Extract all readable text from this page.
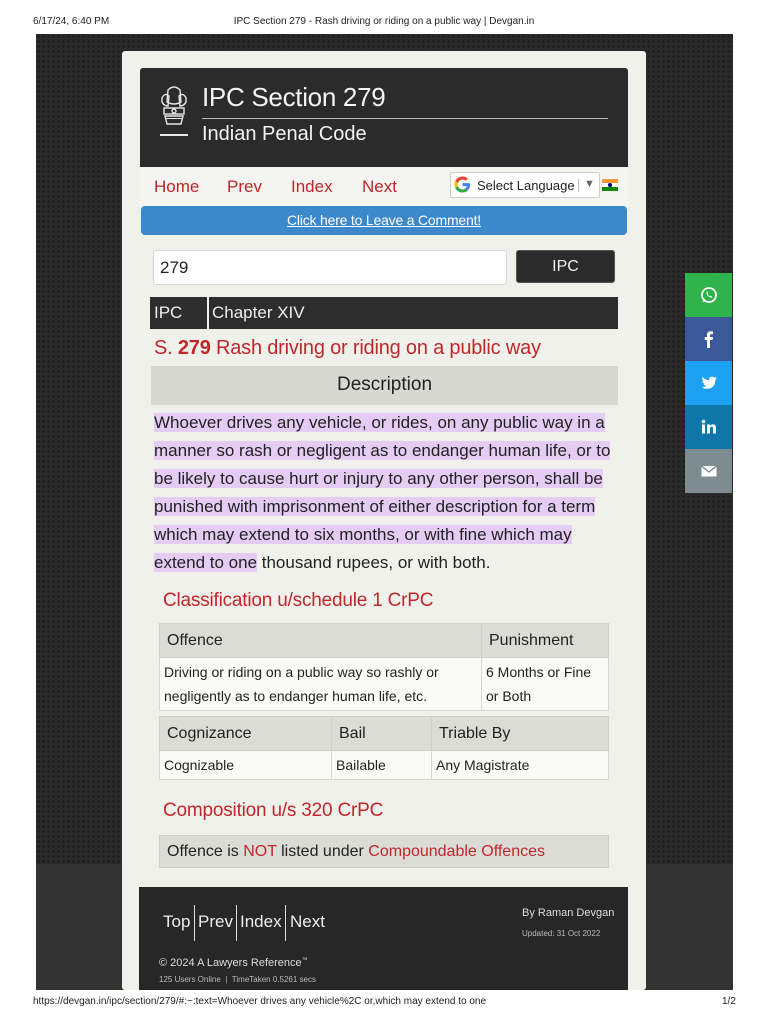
6/17/24, 6:40 PM	IPC Section 279 - Rash driving or riding on a public way | Devgan.in
IPC Section 279
Indian Penal Code
Home Prev Index Next	Select Language ▼
Click here to Leave a Comment!
279
IPC
IPC Chapter XIV
S. 279 Rash driving or riding on a public way
Description
Whoever drives any vehicle, or rides, on any public way in a manner so rash or negligent as to endanger human life, or to be likely to cause hurt or injury to any other person, shall be punished with imprisonment of either description for a term which may extend to six months, or with fine which may extend to one thousand rupees, or with both.
Classification u/schedule 1 CrPC
Offence	Punishment
Driving or riding on a public way so rashly or negligently as to endanger human life, etc.	6 Months or Fine or Both
Cognizance	Bail	Triable By
Cognizable	Bailable	Any Magistrate
Composition u/s 320 CrPC
Offence is NOT listed under Compoundable Offences
Top Prev Index Next	By Raman Devgan
Updated: 31 Oct 2022
© 2024 A Lawyers Reference™
125 Users Online | TimeTaken 0.5261 secs
https://devgan.in/ipc/section/279/#:~:text=Whoever drives any vehicle%2C or,which may extend to one	1/2
